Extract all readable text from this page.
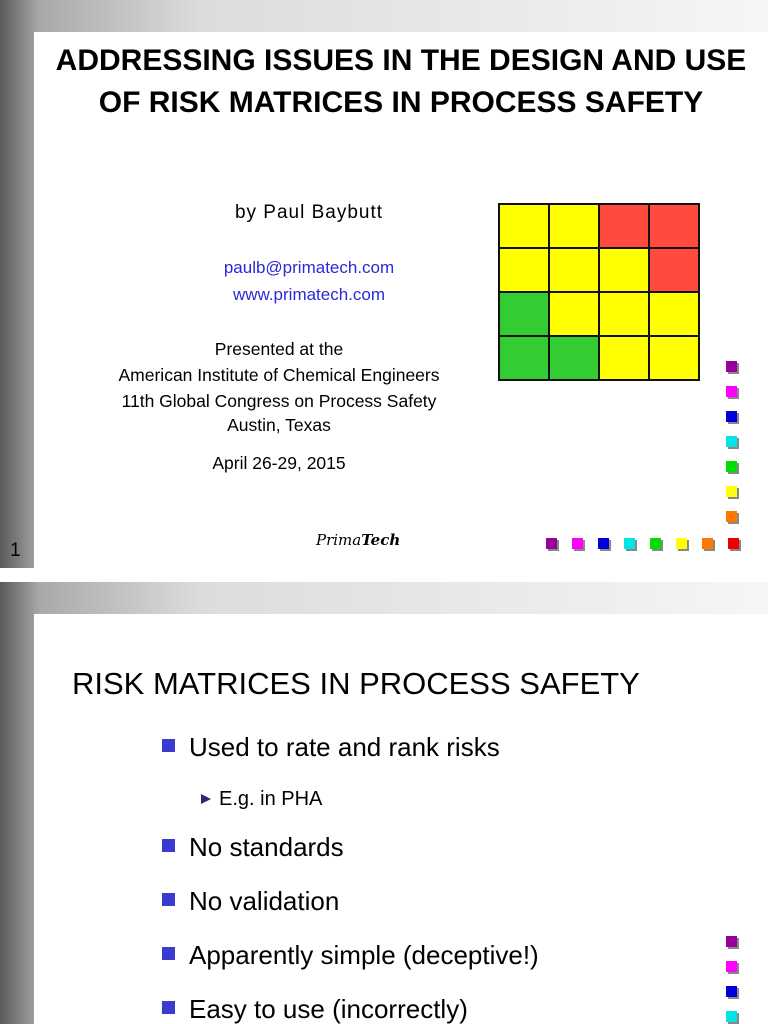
ADDRESSING ISSUES IN THE DESIGN AND USE OF RISK MATRICES IN PROCESS SAFETY
by Paul Baybutt
paulb@primatech.com
www.primatech.com
Presented at the
American Institute of Chemical Engineers
11th Global Congress on Process Safety
Austin, Texas
April 26-29, 2015
PrimaTech
1
RISK MATRICES IN PROCESS SAFETY
Used to rate and rank risks
E.g. in PHA
No standards
No validation
Apparently simple (deceptive!)
Easy to use (incorrectly)
